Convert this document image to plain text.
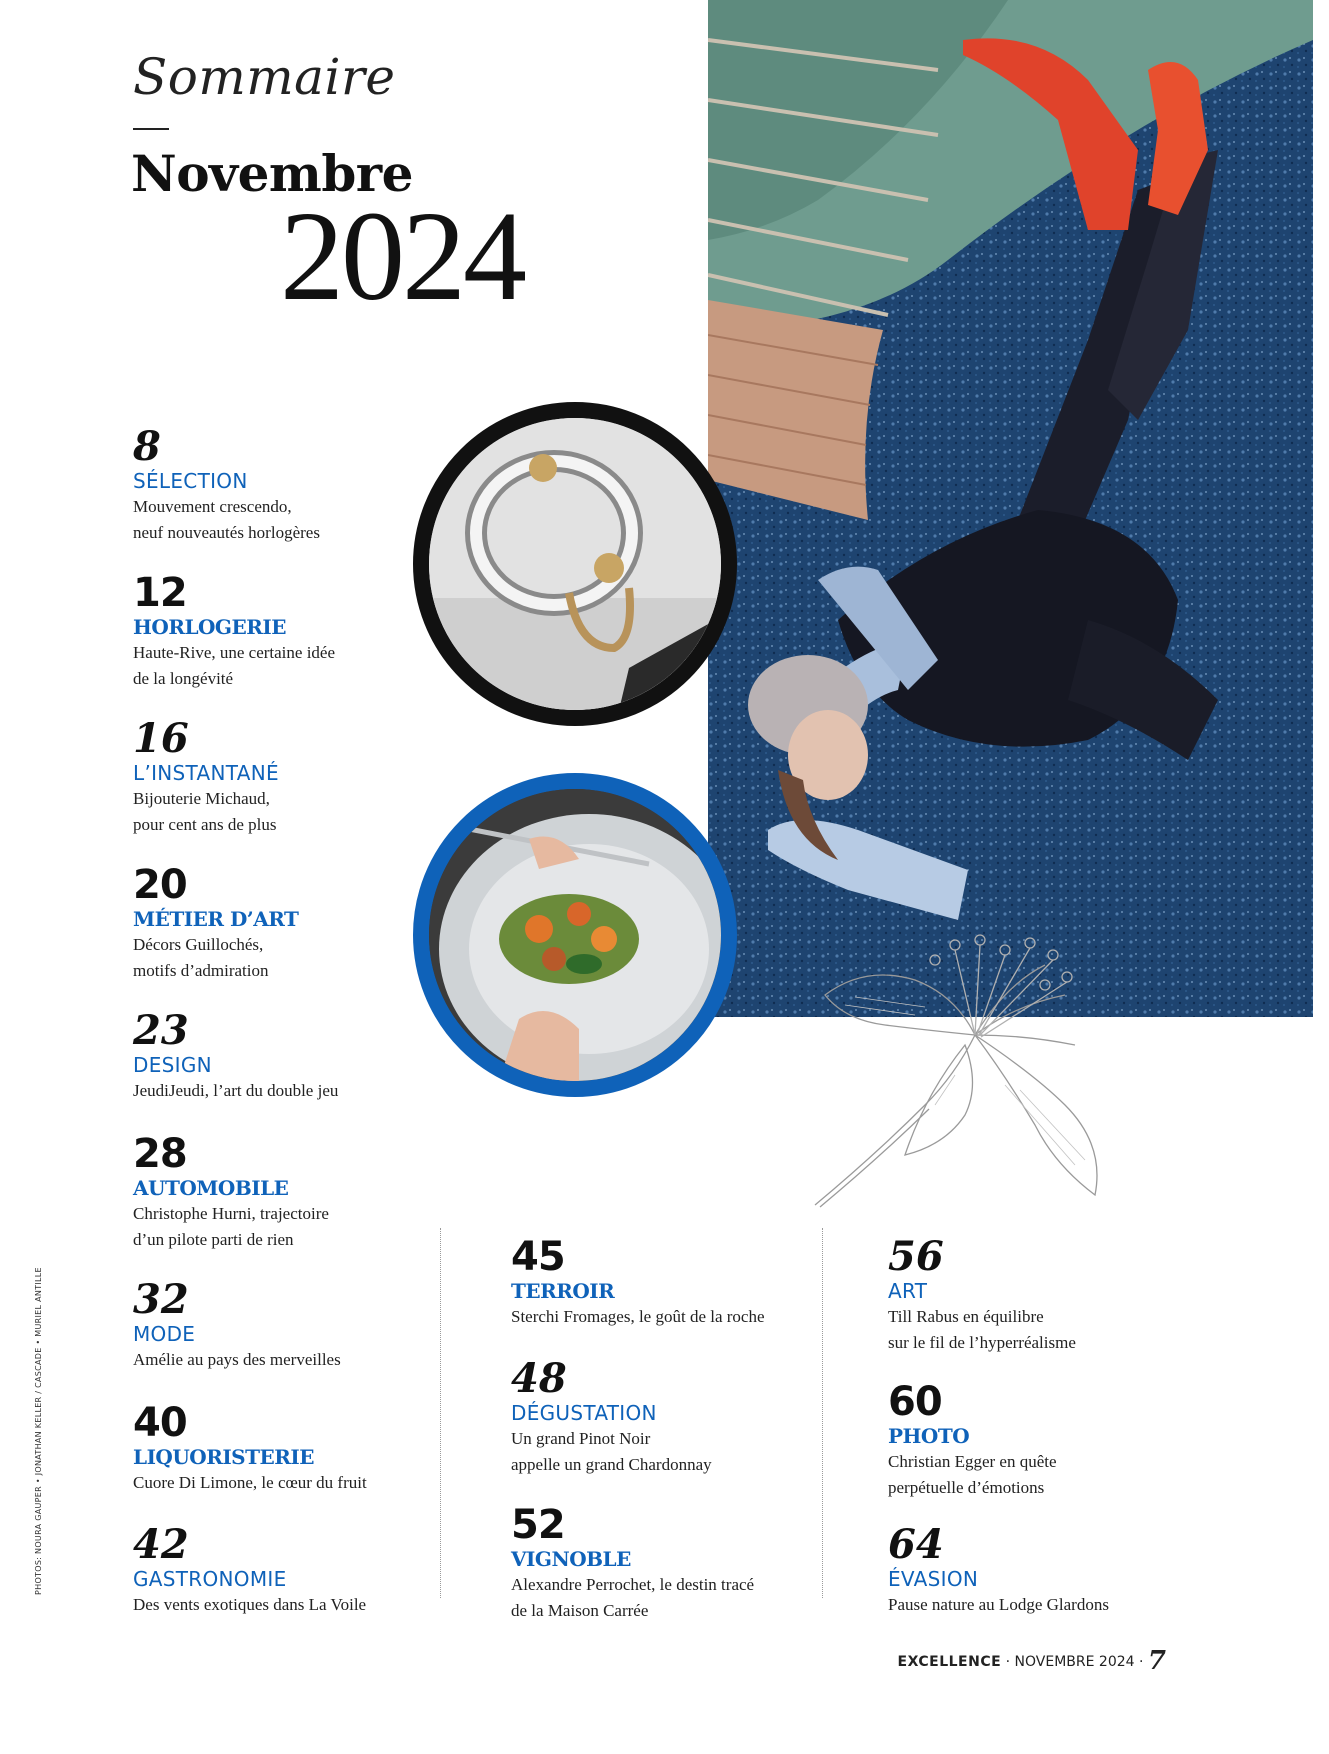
Sommaire
Novembre
2024
8
SÉLECTION
Mouvement crescendo,
neuf nouveautés horlogères
12
HORLOGERIE
Haute-Rive, une certaine idée
de la longévité
16
L’INSTANTANÉ
Bijouterie Michaud,
pour cent ans de plus
20
MÉTIER D’ART
Décors Guillochés,
motifs d’admiration
23
DESIGN
JeudiJeudi, l’art du double jeu
28
AUTOMOBILE
Christophe Hurni, trajectoire
d’un pilote parti de rien
32
MODE
Amélie au pays des merveilles
40
LIQUORISTERIE
Cuore Di Limone, le cœur du fruit
42
GASTRONOMIE
Des vents exotiques dans La Voile
45
TERROIR
Sterchi Fromages, le goût de la roche
48
DÉGUSTATION
Un grand Pinot Noir
appelle un grand Chardonnay
52
VIGNOBLE
Alexandre Perrochet, le destin tracé
de la Maison Carrée
56
ART
Till Rabus en équilibre
sur le fil de l’hyperréalisme
60
PHOTO
Christian Egger en quête
perpétuelle d’émotions
64
ÉVASION
Pause nature au Lodge Glardons
PHOTOS: NOURA GAUPER • JONATHAN KELLER / CASCADE • MURIEL ANTILLE
EXCELLENCE · NOVEMBRE 2024 · 7
